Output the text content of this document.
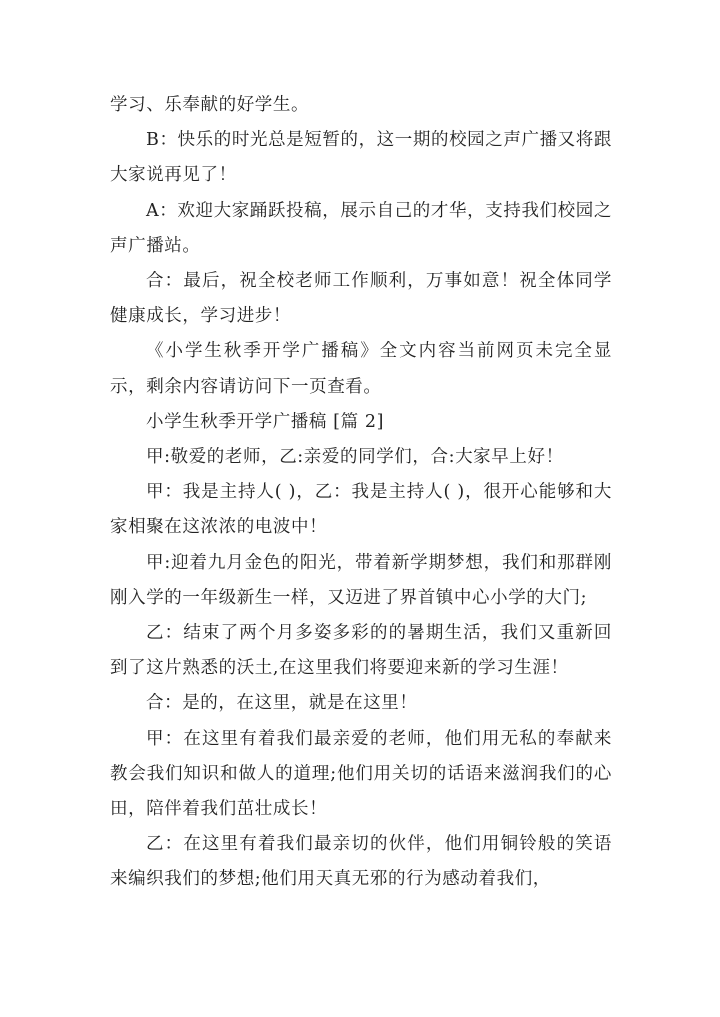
学习、乐奉献的好学生。

B：快乐的时光总是短暂的，这一期的校园之声广播又将跟大家说再见了！

A：欢迎大家踊跃投稿，展示自己的才华，支持我们校园之声广播站。

合：最后，祝全校老师工作顺利，万事如意！祝全体同学健康成长，学习进步！

《小学生秋季开学广播稿》全文内容当前网页未完全显示，剩余内容请访问下一页查看。

小学生秋季开学广播稿 [篇 2]

甲:敬爱的老师，乙:亲爱的同学们，合:大家早上好！

甲：我是主持人( )，乙：我是主持人( )，很开心能够和大家相聚在这浓浓的电波中！

甲:迎着九月金色的阳光，带着新学期梦想，我们和那群刚刚入学的一年级新生一样，又迈进了界首镇中心小学的大门;

乙：结束了两个月多姿多彩的的暑期生活，我们又重新回到了这片熟悉的沃土,在这里我们将要迎来新的学习生涯！

合：是的，在这里，就是在这里！

甲：在这里有着我们最亲爱的老师，他们用无私的奉献来教会我们知识和做人的道理;他们用关切的话语来滋润我们的心田，陪伴着我们茁壮成长！

乙：在这里有着我们最亲切的伙伴，他们用铜铃般的笑语来编织我们的梦想;他们用天真无邪的行为感动着我们，
